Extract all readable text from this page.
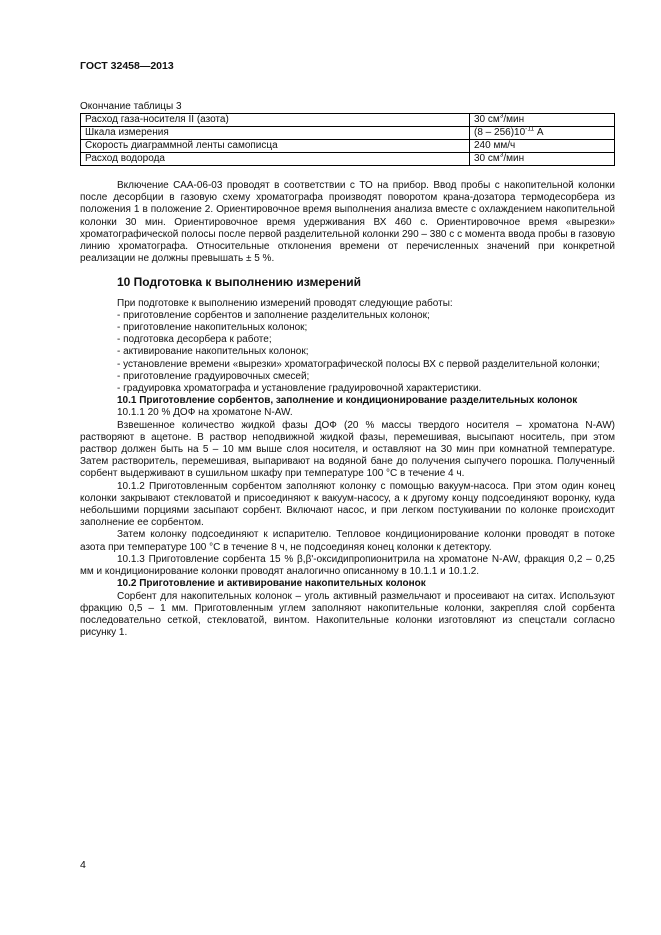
ГОСТ 32458—2013
Окончание таблицы 3
Расход газа-носителя II (азота)	30 $см^3$/мин
Шкала измерения	$(8 - 256)10^{-11}$ А
Скорость диаграммной ленты самописца	240 мм/ч
Расход водорода	30 $см^3$/мин

Включение САА-06-03 проводят в соответствии с ТО на прибор. Ввод пробы с накопительной колонки после десорбции в газовую схему хроматографа производят поворотом крана-дозатора термодесорбера из положения 1 в положение 2. Ориентировочное время выполнения анализа вместе с охлаждением накопительной колонки 30 мин. Ориентировочное время удерживания ВХ 460 с. Ориентировочное время «вырезки» хроматографической полосы после первой разделительной колонки 290 – 380 с с момента ввода пробы в газовую линию хроматографа. Относительные отклонения времени от перечисленных значений при конкретной реализации не должны превышать ± 5 %.

10 Подготовка к выполнению измерений

При подготовке к выполнению измерений проводят следующие работы:

- приготовление сорбентов и заполнение разделительных колонок;

- приготовление накопительных колонок;

- подготовка десорбера к работе;

- активирование накопительных колонок;

- установление времени «вырезки» хроматографической полосы ВХ с первой разделительной колонки;

- приготовление градуировочных смесей;

- градуировка хроматографа и установление градуировочной характеристики.

10.1 Приготовление сорбентов, заполнение и кондиционирование разделительных колонок

10.1.1 20 % ДОФ на хроматоне N-AW.

Взвешенное количество жидкой фазы ДОФ (20 % массы твердого носителя – хроматона N-AW) растворяют в ацетоне. В раствор неподвижной жидкой фазы, перемешивая, высыпают носитель, при этом раствор должен быть на 5 – 10 мм выше слоя носителя, и оставляют на 30 мин при комнатной температуре. Затем растворитель, перемешивая, выпаривают на водяной бане до получения сыпучего порошка. Полученный сорбент выдерживают в сушильном шкафу при температуре 100 °С в течение 4 ч.

10.1.2 Приготовленным сорбентом заполняют колонку с помощью вакуум-насоса. При этом один конец колонки закрывают стекловатой и присоединяют к вакуум-насосу, а к другому концу подсоединяют воронку, куда небольшими порциями засыпают сорбент. Включают насос, и при легком постукивании по колонке происходит заполнение ее сорбентом.

Затем колонку подсоединяют к испарителю. Тепловое кондиционирование колонки проводят в потоке азота при температуре 100 °С в течение 8 ч, не подсоединяя конец колонки к детектору.

10.1.3 Приготовление сорбента 15 % β,β'-оксидипропионитрила на хроматоне N-AW, фракция 0,2 – 0,25 мм и кондиционирование колонки проводят аналогично описанному в 10.1.1 и 10.1.2.

10.2 Приготовление и активирование накопительных колонок

Сорбент для накопительных колонок – уголь активный размельчают и просеивают на ситах. Используют фракцию 0,5 – 1 мм. Приготовленным углем заполняют накопительные колонки, закрепляя слой сорбента последовательно сеткой, стекловатой, винтом. Накопительные колонки изготовляют из спецстали согласно рисунку 1.

4
